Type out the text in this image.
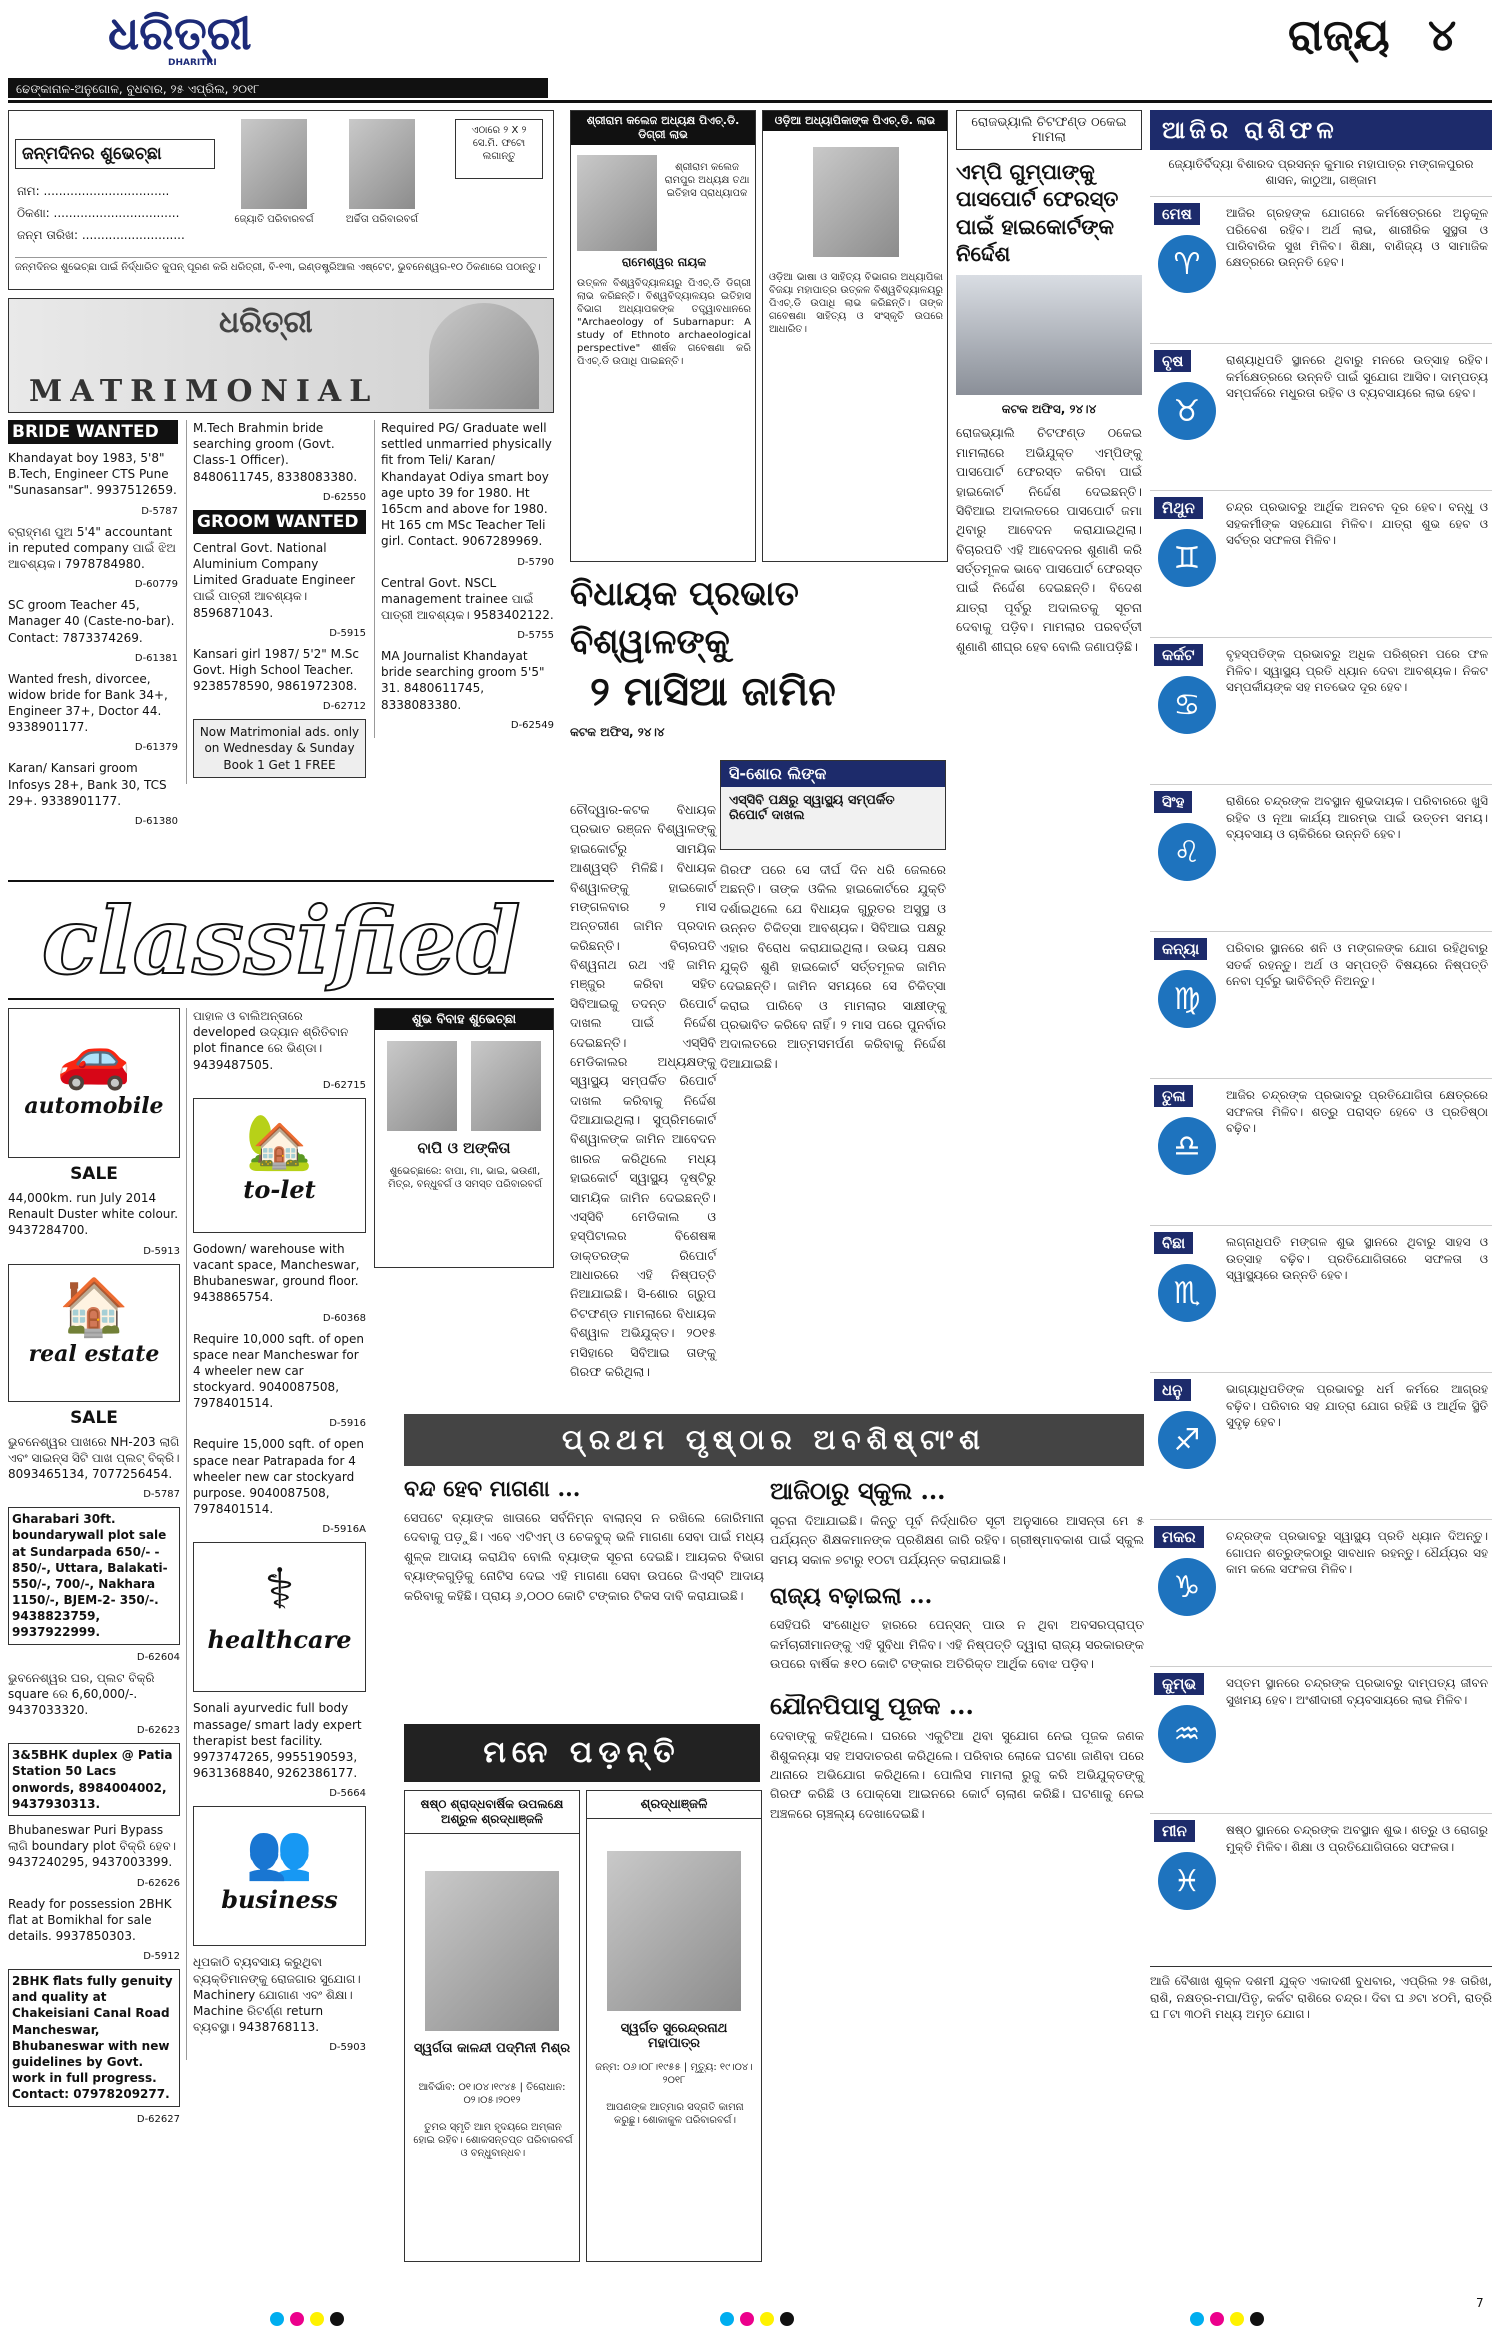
ଧରିତ୍ରୀ
DHARITRI
ରାଜ୍ୟ ୪
ଢେଙ୍କାନାଳ-ଅନୁଗୋଳ, ବୁଧବାର, ୨୫ ଏପ୍ରିଲ, ୨୦୧୮
ଜନ୍ମଦିନର ଶୁଭେଚ୍ଛା
ନାମ: .................................
ଠିକଣା: .................................
ଜନ୍ମ ତାରିଖ: ...........................
ଜ୍ୟୋତି ପରିବାରବର୍ଗ	ଅର୍ଚ୍ଚିତା ପରିବାରବର୍ଗ
ଏଠାରେ ୨ X ୨ ସେ.ମି. ଫଟୋ ଲଗାନ୍ତୁ
ଜନ୍ମଦିନର ଶୁଭେଚ୍ଛା ପାଇଁ ନିର୍ଦ୍ଧାରିତ କୁପନ୍ ପୂରଣ କରି ଧରିତ୍ରୀ, ବି-୧୩, ଇଣ୍ଡଷ୍ଟ୍ରିଆଲ ଏଷ୍ଟେଟ, ଭୁବନେଶ୍ୱର-୧୦ ଠିକଣାରେ ପଠାନ୍ତୁ।
ଧରିତ୍ରୀ
MATRIMONIAL
BRIDE WANTED

Khandayat boy 1983, 5'8" B.Tech, Engineer CTS Pune "Sunasansar". 9937512659.

D-5787

ବ୍ରାହ୍ମଣ ପୁଅ 5'4" accountant in reputed company ପାଇଁ ଝିଅ ଆବଶ୍ୟକ। 7978784980.

D-60779

SC groom Teacher 45, Manager 40 (Caste-no-bar). Contact: 7873374269.

D-61381

Wanted fresh, divorcee, widow bride for Bank 34+, Engineer 37+, Doctor 44. 9338901177.

D-61379

Karan/ Kansari groom Infosys 28+, Bank 30, TCS 29+. 9338901177.

D-61380

M.Tech Brahmin bride searching groom (Govt. Class-1 Officer). 8480611745, 8338083380.

D-62550

GROOM WANTED

Central Govt. National Aluminium Company Limited Graduate Engineer ପାଇଁ ପାତ୍ରୀ ଆବଶ୍ୟକ। 8596871043.

D-5915

Kansari girl 1987/ 5'2" M.Sc Govt. High School Teacher. 9238578590, 9861972308.

D-62712

Now Matrimonial ads. only on Wednesday & Sunday Book 1 Get 1 FREE

Required PG/ Graduate well settled unmarried physically fit from Teli/ Karan/ Khandayat Odiya smart boy age upto 39 for 1980. Ht 165cm and above for 1980. Ht 165 cm MSc Teacher Teli girl. Contact. 9067289969.

D-5790

Central Govt. NSCL management trainee ପାଇଁ ପାତ୍ରୀ ଆବଶ୍ୟକ। 9583402122.

D-5755

MA Journalist Khandayat bride searching groom 5'5" 31. 8480611745, 8338083380.

D-62549

classified
🚗
automobile
SALE

44,000km. run July 2014 Renault Duster white colour. 9437284700.

D-5913

🏠
real estate
SALE

ଭୁବନେଶ୍ୱର ପାଖରେ NH-203 ଲାଗି ଏବଂ ସାଇନ୍ସ ସିଟି ପାଖ ପ୍ଲଟ୍ ବିକ୍ରି। 8093465134, 7077256454.

D-5787

Gharabari 30ft. boundarywall plot sale at Sundarpada 650/- - 850/-, Uttara, Balakati-550/-, 700/-, Nakhara 1150/-, BJEM-2- 350/-. 9438823759, 9937922999.

D-62604

ଭୁବନେଶ୍ୱର ଘର, ପ୍ଲଟ ବିକ୍ରି square ରେ 6,60,000/-. 9437033320.

D-62623

3&5BHK duplex @ Patia Station 50 Lacs onwords, 8984004002, 9437930313.

Bhubaneswar Puri Bypass ଲାଗି boundary plot ବିକ୍ରି ହେବ। 9437240295, 9437003399.

D-62626

Ready for possession 2BHK flat at Bomikhal for sale details. 9937850303.

D-5912

2BHK flats fully genuity and quality at Chakeisiani Canal Road Mancheswar, Bhubaneswar with new guidelines by Govt. work in full progress. Contact: 07978209277.

D-62627

ପାହାଳ ଓ ବାଲିଅନ୍ତାରେ developed ଉଦ୍ୟାନ ଶ୍ରିତିବାନ plot finance ରେ ଭିଣ୍ଡା। 9439487505.

D-62715

🏡
to-let

Godown/ warehouse with vacant space, Mancheswar, Bhubaneswar, ground floor. 9438865754.

D-60368

Require 10,000 sqft. of open space near Mancheswar for 4 wheeler new car stockyard. 9040087508, 7978401514.

D-5916

Require 15,000 sqft. of open space near Patrapada for 4 wheeler new car stockyard purpose. 9040087508, 7978401514.

D-5916A

⚕
healthcare

Sonali ayurvedic full body massage/ smart lady expert therapist best facility. 9973747265, 9955190593, 9631368840, 9262386177.

D-5664

👥
business

ଧୂପକାଠି ବ୍ୟବସାୟ କରୁଥିବା ବ୍ୟକ୍ତିମାନଙ୍କୁ ରୋଜଗାର ସୁଯୋଗ। Machinery ଯୋଗାଣ ଏବଂ ଶିକ୍ଷା। Machine ରିଟର୍ଣ୍ଣ return ବ୍ୟବସ୍ଥା। 9438768113.

D-5903

ଶୁଭ ବିବାହ ଶୁଭେଚ୍ଛା
ବାପି ଓ ଅଙ୍କିତା
ଶୁଭେଚ୍ଛାରେ: ବାପା, ମା, ଭାଇ, ଭଉଣୀ, ମିତ୍ର, ବନ୍ଧୁବର୍ଗ ଓ ସମସ୍ତ ପରିବାରବର୍ଗ
ଶ୍ରୀରାମ କଲେଜ ଅଧ୍ୟକ୍ଷ ପିଏଚ୍.ଡି. ଡିଗ୍ରୀ ଲାଭ
ଶ୍ରୀରାମ କଲେଜ ରାମପୁର ଅଧ୍ୟକ୍ଷ ତଥା ଇତିହାସ ପ୍ରାଧ୍ୟାପକ
ରାମେଶ୍ୱର ନାୟକ
ଉତ୍କଳ ବିଶ୍ୱବିଦ୍ୟାଳୟରୁ ପିଏଚ୍.ଡି ଡିଗ୍ରୀ ଲାଭ କରିଛନ୍ତି। ବିଶ୍ୱବିଦ୍ୟାଳୟର ଇତିହାସ ବିଭାଗ ଅଧ୍ୟାପକଙ୍କ ତତ୍ତ୍ୱାବଧାନରେ "Archaeology of Subarnapur: A study of Ethnoto archaeological perspective" ଶୀର୍ଷକ ଗବେଷଣା କରି ପିଏଚ୍.ଡି ଉପାଧି ପାଇଛନ୍ତି।
ଓଡ଼ିଆ ଅଧ୍ୟାପିକାଙ୍କ ପିଏଚ୍.ଡି. ଲାଭ
ଓଡ଼ିଆ ଭାଷା ଓ ସାହିତ୍ୟ ବିଭାଗର ଅଧ୍ୟାପିକା ବିଜୟା ମହାପାତ୍ର ଉତ୍କଳ ବିଶ୍ୱବିଦ୍ୟାଳୟରୁ ପିଏଚ୍.ଡି ଉପାଧି ଲାଭ କରିଛନ୍ତି। ତାଙ୍କ ଗବେଷଣା ସାହିତ୍ୟ ଓ ସଂସ୍କୃତି ଉପରେ ଆଧାରିତ।
ରୋଜଭ୍ୟାଲି ଚିଟଫଣ୍ଡ ଠକେଇ ମାମଲା
ଏମ୍‌ପି ଗୁମ୍ପାଙ୍କୁ ପାସପୋର୍ଟ ଫେରସ୍ତ ପାଇଁ ହାଇକୋର୍ଟଙ୍କ ନିର୍ଦ୍ଦେଶ
କଟକ ଅଫିସ, ୨୪।୪
ରୋଜଭ୍ୟାଲି ଚିଟଫଣ୍ଡ ଠକେଇ ମାମଲାରେ ଅଭିଯୁକ୍ତ ଏମ୍‌ପିଙ୍କୁ ପାସପୋର୍ଟ ଫେରସ୍ତ କରିବା ପାଇଁ ହାଇକୋର୍ଟ ନିର୍ଦ୍ଦେଶ ଦେଇଛନ୍ତି। ସିବିଆଇ ଅଦାଲତରେ ପାସପୋର୍ଟ ଜମା ଥିବାରୁ ଆବେଦନ କରାଯାଇଥିଲା। ବିଚାରପତି ଏହି ଆବେଦନର ଶୁଣାଣି କରି ସର୍ତ୍ତମୂଳକ ଭାବେ ପାସପୋର୍ଟ ଫେରସ୍ତ ପାଇଁ ନିର୍ଦ୍ଦେଶ ଦେଇଛନ୍ତି। ବିଦେଶ ଯାତ୍ରା ପୂର୍ବରୁ ଅଦାଲତକୁ ସୂଚନା ଦେବାକୁ ପଡ଼ିବ। ମାମଲାର ପରବର୍ତ୍ତୀ ଶୁଣାଣି ଶୀଘ୍ର ହେବ ବୋଲି ଜଣାପଡ଼ିଛି।
ବିଧାୟକ ପ୍ରଭାତ ବିଶ୍ୱାଳଙ୍କୁ
୨ ମାସିଆ ଜାମିନ
କଟକ ଅଫିସ, ୨୪।୪
ସି-ଶୋର ଲିଙ୍କ
ଏସ୍‌ସିବି ପକ୍ଷରୁ ସ୍ୱାସ୍ଥ୍ୟ ସମ୍ପର୍କିତ ରିପୋର୍ଟ ଦାଖଲ
ଚୌଦ୍ୱାର-କଟକ ବିଧାୟକ ପ୍ରଭାତ ରଞ୍ଜନ ବିଶ୍ୱାଳଙ୍କୁ ହାଇକୋର୍ଟରୁ ସାମୟିକ ଆଶ୍ୱସ୍ତି ମିଳିଛି। ବିଧାୟକ ବିଶ୍ୱାଳଙ୍କୁ ହାଇକୋର୍ଟ ମଙ୍ଗଳବାର ୨ ମାସ ଅନ୍ତରୀଣ ଜାମିନ ପ୍ରଦାନ କରିଛନ୍ତି। ବିଚାରପତି ବିଶ୍ୱନାଥ ରଥ ଏହି ଜାମିନ ମଞ୍ଜୁର କରିବା ସହିତ ସିବିଆଇକୁ ତଦନ୍ତ ରିପୋର୍ଟ ଦାଖଲ ପାଇଁ ନିର୍ଦ୍ଦେଶ ଦେଇଛନ୍ତି। ଏସ୍‌ସିବି ମେଡିକାଲର ଅଧ୍ୟକ୍ଷଙ୍କୁ ସ୍ୱାସ୍ଥ୍ୟ ସମ୍ପର୍କିତ ରିପୋର୍ଟ ଦାଖଲ କରିବାକୁ ନିର୍ଦ୍ଦେଶ ଦିଆଯାଇଥିଲା। ସୁପ୍ରିମକୋର୍ଟ ବିଶ୍ୱାଳଙ୍କ ଜାମିନ ଆବେଦନ ଖାରଜ କରିଥିଲେ ମଧ୍ୟ ହାଇକୋର୍ଟ ସ୍ୱାସ୍ଥ୍ୟ ଦୃଷ୍ଟିରୁ ସାମୟିକ ଜାମିନ ଦେଇଛନ୍ତି। ଏସ୍‌ସିବି ମେଡିକାଲ ଓ ହସ୍ପିଟାଲର ବିଶେଷଜ୍ଞ ଡାକ୍ତରଙ୍କ ରିପୋର୍ଟ ଆଧାରରେ ଏହି ନିଷ୍ପତ୍ତି ନିଆଯାଇଛି। ସି-ଶୋର ଗ୍ରୁପ ଚିଟଫଣ୍ଡ ମାମଲାରେ ବିଧାୟକ ବିଶ୍ୱାଳ ଅଭିଯୁକ୍ତ। ୨୦୧୫ ମସିହାରେ ସିବିଆଇ ତାଙ୍କୁ ଗିରଫ କରିଥିଲା।
ଗିରଫ ପରେ ସେ ଦୀର୍ଘ ଦିନ ଧରି ଜେଲରେ ଅଛନ୍ତି। ତାଙ୍କ ଓକିଲ ହାଇକୋର୍ଟରେ ଯୁକ୍ତି ଦର୍ଶାଇଥିଲେ ଯେ ବିଧାୟକ ଗୁରୁତର ଅସୁସ୍ଥ ଓ ଉନ୍ନତ ଚିକିତ୍ସା ଆବଶ୍ୟକ। ସିବିଆଇ ପକ୍ଷରୁ ଏହାର ବିରୋଧ କରାଯାଇଥିଲା। ଉଭୟ ପକ୍ଷର ଯୁକ୍ତି ଶୁଣି ହାଇକୋର୍ଟ ସର୍ତ୍ତମୂଳକ ଜାମିନ ଦେଇଛନ୍ତି। ଜାମିନ ସମୟରେ ସେ ଚିକିତ୍ସା କରାଇ ପାରିବେ ଓ ମାମଲାର ସାକ୍ଷୀଙ୍କୁ ପ୍ରଭାବିତ କରିବେ ନାହିଁ। ୨ ମାସ ପରେ ପୁନର୍ବାର ଅଦାଲତରେ ଆତ୍ମସମର୍ପଣ କରିବାକୁ ନିର୍ଦ୍ଦେଶ ଦିଆଯାଇଛି।
ପ୍ରଥମ ପୃଷ୍ଠାର ଅବଶିଷ୍ଟାଂଶ
ବନ୍ଦ ହେବ ମାଗଣା ...
ସେପଟେ ବ୍ୟାଙ୍କ ଖାତାରେ ସର୍ବନିମ୍ନ ବାଲାନ୍ସ ନ ରଖିଲେ ଜୋରିମାନା ଦେବାକୁ ପଡ଼ୁଛି। ଏବେ ଏଟିଏମ୍ ଓ ଚେକବୁକ୍ ଭଳି ମାଗଣା ସେବା ପାଇଁ ମଧ୍ୟ ଶୁଳ୍କ ଆଦାୟ କରାଯିବ ବୋଲି ବ୍ୟାଙ୍କ ସୂଚନା ଦେଇଛି। ଆୟକର ବିଭାଗ ବ୍ୟାଙ୍କଗୁଡ଼ିକୁ ନୋଟିସ ଦେଇ ଏହି ମାଗଣା ସେବା ଉପରେ ଜିଏସ୍‌ଟି ଆଦାୟ କରିବାକୁ କହିଛି। ପ୍ରାୟ ୬,୦୦୦ କୋଟି ଟଙ୍କାର ଟିକସ ଦାବି କରାଯାଇଛି।
ଆଜିଠାରୁ ସ୍କୁଲ ...
ସୂଚନା ଦିଆଯାଇଛି। କିନ୍ତୁ ପୂର୍ବ ନିର୍ଦ୍ଧାରିତ ସୂଚୀ ଅନୁସାରେ ଆସନ୍ତା ମେ ୫ ପର୍ଯ୍ୟନ୍ତ ଶିକ୍ଷକମାନଙ୍କ ପ୍ରଶିକ୍ଷଣ ଜାରି ରହିବ। ଗ୍ରୀଷ୍ମାବକାଶ ପାଇଁ ସ୍କୁଲ ସମୟ ସକାଳ ୭ଟାରୁ ୧୦ଟା ପର୍ଯ୍ୟନ୍ତ କରାଯାଇଛି।
ରାଜ୍ୟ ବଢ଼ାଇଲା ...
ସେହିପରି ସଂଶୋଧିତ ହାରରେ ପେନ୍‌ସନ୍ ପାଉ ନ ଥିବା ଅବସରପ୍ରାପ୍ତ କର୍ମଚାରୀମାନଙ୍କୁ ଏହି ସୁବିଧା ମିଳିବ। ଏହି ନିଷ୍ପତ୍ତି ଦ୍ୱାରା ରାଜ୍ୟ ସରକାରଙ୍କ ଉପରେ ବାର୍ଷିକ ୫୧୦ କୋଟି ଟଙ୍କାର ଅତିରିକ୍ତ ଆର୍ଥିକ ବୋଝ ପଡ଼ିବ।
ଯୌନପିପାସୁ ପୂଜକ ...
ଦେବାଙ୍କୁ କହିଥିଲେ। ଘରରେ ଏକୁଟିଆ ଥିବା ସୁଯୋଗ ନେଇ ପୂଜକ ଜଣକ ଶିଶୁକନ୍ୟା ସହ ଅସଦାଚରଣ କରିଥିଲେ। ପରିବାର ଲୋକେ ଘଟଣା ଜାଣିବା ପରେ ଥାନାରେ ଅଭିଯୋଗ କରିଥିଲେ। ପୋଲିସ ମାମଲା ରୁଜୁ କରି ଅଭିଯୁକ୍ତଙ୍କୁ ଗିରଫ କରିଛି ଓ ପୋକ୍ସୋ ଆଇନରେ କୋର୍ଟ ଚାଲାଣ କରିଛି। ଘଟଣାକୁ ନେଇ ଅଞ୍ଚଳରେ ଚାଞ୍ଚଲ୍ୟ ଦେଖାଦେଇଛି।
ମନେ ପଡ଼ନ୍ତି
ଷଷ୍ଠ ଶ୍ରାଦ୍ଧବାର୍ଷିକ ଉପଲକ୍ଷେ ଅଶ୍ରୁଳ ଶ୍ରଦ୍ଧାଞ୍ଜଳି
ସ୍ୱର୍ଗତା କାଳନ୍ଦୀ ପଦ୍ମିନୀ ମିଶ୍ର
ଆବିର୍ଭାବ: ୦୧।୦୪।୧୯୪୫ | ତିରୋଧାନ: ୦୨।୦୫।୨୦୧୨
ତୁମର ସ୍ମୃତି ଆମ ହୃଦୟରେ ଅମ୍ଳାନ ହୋଇ ରହିବ। ଶୋକସନ୍ତପ୍ତ ପରିବାରବର୍ଗ ଓ ବନ୍ଧୁବାନ୍ଧବ।
ଶ୍ରଦ୍ଧାଞ୍ଜଳି
ସ୍ୱର୍ଗତ ସୁରେନ୍ଦ୍ରନାଥ ମହାପାତ୍ର
ଜନ୍ମ: ୦୬।୦୮।୧୯୫୫ | ମୃତ୍ୟୁ: ୧୯।୦୪।୨୦୧୮
ଆପଣଙ୍କ ଆତ୍ମାର ସଦ୍‌ଗତି କାମନା କରୁଛୁ। ଶୋକାକୁଳ ପରିବାରବର୍ଗ।
ଆଜିର ରାଶିଫଳ
ଜ୍ୟୋତିର୍ବିଦ୍ୟା ବିଶାରଦ ପ୍ରସନ୍ନ କୁମାର ମହାପାତ୍ର ମଙ୍ଗଳପୁରର ଶାସନ, କାଠୁଆ, ଗଞ୍ଜାମ
ମେଷ
♈
ଆଜିର ଗ୍ରହଙ୍କ ଯୋଗରେ କର୍ମଷେତ୍ରରେ ଅନୁକୂଳ ପରିବେଶ ରହିବ। ଅର୍ଥ ଲାଭ, ଶାରୀରିକ ସୁସ୍ଥତା ଓ ପାରିବାରିକ ସୁଖ ମିଳିବ। ଶିକ୍ଷା, ବାଣିଜ୍ୟ ଓ ସାମାଜିକ କ୍ଷେତ୍ରରେ ଉନ୍ନତି ହେବ।
ବୃଷ
♉
ରାଶ୍ୟାଧିପତି ସ୍ଥାନରେ ଥିବାରୁ ମନରେ ଉତ୍ସାହ ରହିବ। କର୍ମକ୍ଷେତ୍ରରେ ଉନ୍ନତି ପାଇଁ ସୁଯୋଗ ଆସିବ। ଦାମ୍ପତ୍ୟ ସମ୍ପର୍କରେ ମଧୁରତା ରହିବ ଓ ବ୍ୟବସାୟରେ ଲାଭ ହେବ।
ମିଥୁନ
♊
ଚନ୍ଦ୍ର ପ୍ରଭାବରୁ ଆର୍ଥିକ ଅନଟନ ଦୂର ହେବ। ବନ୍ଧୁ ଓ ସହକର୍ମୀଙ୍କ ସହଯୋଗ ମିଳିବ। ଯାତ୍ରା ଶୁଭ ହେବ ଓ ସର୍ବତ୍ର ସଫଳତା ମିଳିବ।
କର୍କଟ
♋
ବୃହସ୍ପତିଙ୍କ ପ୍ରଭାବରୁ ଅଧିକ ପରିଶ୍ରମ ପରେ ଫଳ ମିଳିବ। ସ୍ୱାସ୍ଥ୍ୟ ପ୍ରତି ଧ୍ୟାନ ଦେବା ଆବଶ୍ୟକ। ନିକଟ ସମ୍ପର୍କୀୟଙ୍କ ସହ ମତଭେଦ ଦୂର ହେବ।
ସିଂହ
♌
ରାଶିରେ ଚନ୍ଦ୍ରଙ୍କ ଅବସ୍ଥାନ ଶୁଭଦାୟକ। ପରିବାରରେ ଖୁସି ରହିବ ଓ ନୂଆ କାର୍ଯ୍ୟ ଆରମ୍ଭ ପାଇଁ ଉତ୍ତମ ସମୟ। ବ୍ୟବସାୟ ଓ ଚାକିରିରେ ଉନ୍ନତି ହେବ।
କନ୍ୟା
♍
ପରିବାର ସ୍ଥାନରେ ଶନି ଓ ମଙ୍ଗଳଙ୍କ ଯୋଗ ରହିଥିବାରୁ ସତର୍କ ରହନ୍ତୁ। ଅର୍ଥ ଓ ସମ୍ପତ୍ତି ବିଷୟରେ ନିଷ୍ପତ୍ତି ନେବା ପୂର୍ବରୁ ଭାବିଚିନ୍ତି ନିଅନ୍ତୁ।
ତୁଳା
♎
ଆଜିର ଚନ୍ଦ୍ରଙ୍କ ପ୍ରଭାବରୁ ପ୍ରତିଯୋଗିତା କ୍ଷେତ୍ରରେ ସଫଳତା ମିଳିବ। ଶତ୍ରୁ ପରାସ୍ତ ହେବେ ଓ ପ୍ରତିଷ୍ଠା ବଢ଼ିବ।
ବିଛା
♏
ଲଗ୍ନାଧିପତି ମଙ୍ଗଳ ଶୁଭ ସ୍ଥାନରେ ଥିବାରୁ ସାହସ ଓ ଉତ୍ସାହ ବଢ଼ିବ। ପ୍ରତିଯୋଗିତାରେ ସଫଳତା ଓ ସ୍ୱାସ୍ଥ୍ୟରେ ଉନ୍ନତି ହେବ।
ଧନୁ
♐
ଭାଗ୍ୟାଧିପତିଙ୍କ ପ୍ରଭାବରୁ ଧର୍ମ କର୍ମରେ ଆଗ୍ରହ ବଢ଼ିବ। ପରିବାର ସହ ଯାତ୍ରା ଯୋଗ ରହିଛି ଓ ଆର୍ଥିକ ସ୍ଥିତି ସୁଦୃଢ଼ ହେବ।
ମକର
♑
ଚନ୍ଦ୍ରଙ୍କ ପ୍ରଭାବରୁ ସ୍ୱାସ୍ଥ୍ୟ ପ୍ରତି ଧ୍ୟାନ ଦିଅନ୍ତୁ। ଗୋପନ ଶତ୍ରୁଙ୍କଠାରୁ ସାବଧାନ ରହନ୍ତୁ। ଧୈର୍ଯ୍ୟର ସହ କାମ କଲେ ସଫଳତା ମିଳିବ।
କୁମ୍ଭ
♒
ସପ୍ତମ ସ୍ଥାନରେ ଚନ୍ଦ୍ରଙ୍କ ପ୍ରଭାବରୁ ଦାମ୍ପତ୍ୟ ଜୀବନ ସୁଖମୟ ହେବ। ଅଂଶୀଦାରୀ ବ୍ୟବସାୟରେ ଲାଭ ମିଳିବ।
ମୀନ
♓
ଷଷ୍ଠ ସ୍ଥାନରେ ଚନ୍ଦ୍ରଙ୍କ ଅବସ୍ଥାନ ଶୁଭ। ଶତ୍ରୁ ଓ ରୋଗରୁ ମୁକ୍ତି ମିଳିବ। ଶିକ୍ଷା ଓ ପ୍ରତିଯୋଗିତାରେ ସଫଳତା।
ଆଜି ବୈଶାଖ ଶୁକ୍ଳ ଦଶମୀ ଯୁକ୍ତ ଏକାଦଶୀ ବୁଧବାର, ଏପ୍ରିଲ ୨୫ ତାରିଖ, ରାଶି, ନକ୍ଷତ୍ର-ମଘା/ପିତୃ, କର୍କଟ ରାଶିରେ ଚନ୍ଦ୍ର। ଦିବା ଘ ୬ଟା ୪୦ମି, ରାତ୍ରି ଘ ୮ଟା ୩୦ମି ମଧ୍ୟ ଅମୃତ ଯୋଗ।
7
